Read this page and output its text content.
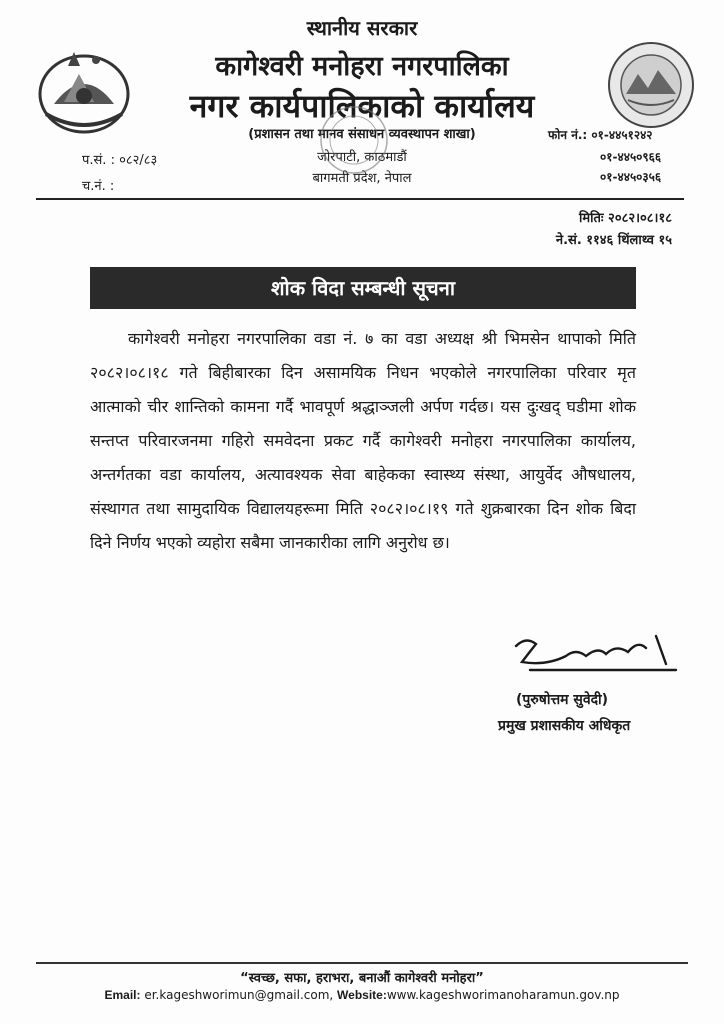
स्थानीय सरकार
कागेश्वरी मनोहरा नगरपालिका
नगर कार्यपालिकाको कार्यालय
(प्रशासन तथा मानव संसाधन व्यवस्थापन शाखा)
जोरपाटी, काठमाडौं
बागमती प्रदेश, नेपाल
प.सं. : ०८२/८३
च.नं. :
फोन नं.: ०१-४४५१२४२
०१-४४५०९६६
०१-४४५०३५६
मितिः २०८२।०८।१८
ने.सं. ११४६ थिंलाथ्व १५
शोक विदा सम्बन्धी सूचना
कागेश्वरी मनोहरा नगरपालिका वडा नं. ७ का वडा अध्यक्ष श्री भिमसेन थापाको मिति २०८२।०८।१८ गते बिहीबारका दिन असामयिक निधन भएकोले नगरपालिका परिवार मृत आत्माको चीर शान्तिको कामना गर्दै भावपूर्ण श्रद्धाञ्जली अर्पण गर्दछ। यस दुःखद् घडीमा शोक सन्तप्त परिवारजनमा गहिरो समवेदना प्रकट गर्दै कागेश्वरी मनोहरा नगरपालिका कार्यालय, अन्तर्गतका वडा कार्यालय, अत्यावश्यक सेवा बाहेकका स्वास्थ्य संस्था, आयुर्वेद औषधालय, संस्थागत तथा सामुदायिक विद्यालयहरूमा मिति २०८२।०८।१९ गते शुक्रबारका दिन शोक बिदा दिने निर्णय भएको व्यहोरा सबैमा जानकारीका लागि अनुरोध छ।
(पुरुषोत्तम सुवेदी)
प्रमुख प्रशासकीय अधिकृत
“स्वच्छ, सफा, हराभरा, बनाऔं कागेश्वरी मनोहरा”
Email: er.kageshworimun@gmail.com, Website:www.kageshworimanoharamun.gov.np
